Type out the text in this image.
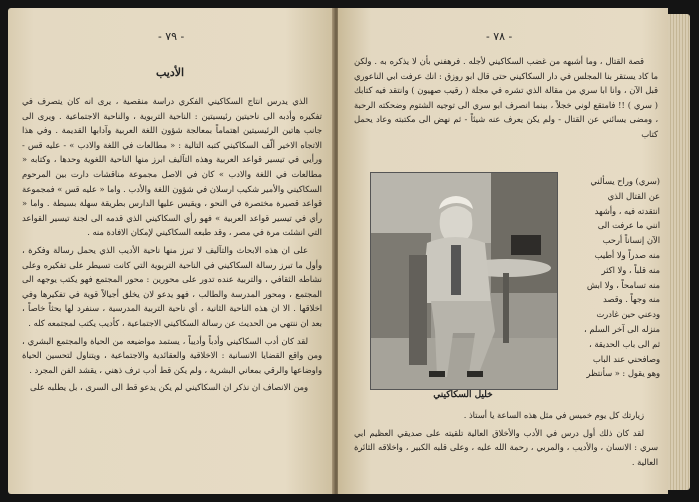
- ٧٩ -
الأديب

الذي يدرس انتاج السكاكيني الفكري دراسة منقصية ، يرى انه كان يتصرف في تفكيره وأدبه الى ناحيتين رئيسيتين : الناحية التربوية ، والناحية الاجتماعية . ويرى الى جانب هاتين الرئيسيتين اهتماماً بمعالجة شؤون اللغة العربية وآدابها القديمة . وفي هذا الاتجاه الاخير ألّف السكاكيني كتبه التالية : « مطالعات في اللغة والادب » - عليه قس - ورأيي في تيسير قواعد العربية وهذه التآليف ابرز منها الناحية اللغوية وحدها ، وكتابه « مطالعات في اللغة والادب » كان في الاصل مجموعة مناقشات دارت بين المرحوم السكاكيني والأمير شكيب ارسلان في شؤون اللغة والأدب . واما « عليه قس » فمجموعة قواعد قصيرة مختصرة في النحو ، ويقيس عليها الدارس بطريقة سهلة بسيطة . واما « رأي في تيسير قواعد العربية » فهو رأي السكاكيني الذي قدمه الى لجنة تيسير القواعد التي انشئت مرة في مصر ، وقد طبعه السكاكيني لإمكان الافادة منه .

على ان هذه الابحاث والتآليف لا تبرز منها ناحية الأديب الذي يحمل رسالة وفكرة ، وأول ما تبرز رسالة السكاكيني في الناحية التربوية التي كانت تسيطر على تفكيره وعلى نشاطه الثقافي ، والتربية عنده تدور على محورين : محور المجتمع فهو يكتب يوجهه الى المجتمع ، ومحور المدرسة والطالب ، فهو يدعو لان يخلق أجيالاً قوية في تفكيرها وفي اخلاقها . الا ان هذه الناحية الثانية ، أي ناحية التربية المدرسية ، سنفرد لها بحثاً خاصاً ، بعد ان ننتهي من الحديث عن رسالة السكاكيني الاجتماعية ، كأديب يكتب لمجتمعه كله .

لقد كان أدب السكاكيني وأدباً وأديباً ، يستمد مواضيعه من الحياة والمجتمع البشري ، ومن واقع القضايا الانسانية : الاخلاقية والعقائدية والاجتماعية ، ويتناول لتحسين الحياة واوضاعها والرقي بمعاني البشرية ، ولم يكن قط أدب ترف ذهني ، يقشد الفن المجرد .

ومن الانصاف ان نذكر ان السكاكيني لم يكن يدعو قط الى السرى ، بل يطلبه على

- ٧٨ -

قصة القتال ، وما أشبهه من غضب السكاكيني لأجله . فرهفني بأن لا يذكره به . ولكن ما كاد يستقر بنا المجلس في دار السكاكيني حتى قال ابو روزق : انك عرفت ابي الناعوري قبل الآن ، وانا ابا سري من مقالة الذي تشره في مجلة ( رقيب صهيون ) وانتقد فيه كتابك ( سري ) !! فامتقع لوني خجلاً ، بينما انصرف ابو سري الى توجيه الشتوم وضحكته الرحبة ، ومضى يسائني عن القتال - ولم يكن يعرف عنه شيئاً - ثم نهض الى مكتبته وعاد يحمل كتاب

خليل السكاكيني
(سري) وراح يسألني
عن القتال الذي
انتقدته فيه ، وأشهد
انني ما عرفت الى
الآن إنساناً أرحب
منه صدراً ولا أطيب
منه قلباً ، ولا اكثر
منه تسامحاً ، ولا ابش
منه وجهاً . وقصد
ودعني حين غادرت
منزله الى آخر السلم ،
ثم الى باب الحديقة ،
وصافحني عند الباب
وهو يقول : « سأنتظر

زيارتك كل يوم خميس في مثل هذه الساعة يا أستاذ .

لقد كان ذلك أول درس في الأدب والأخلاق العالية تلقيته على صديقي العظيم ابي سري : الانسان ، والأديب ، والمربي ، رحمة الله عليه ، وعلى قلبه الكبير ، واخلاقه الثائرة العالية .
